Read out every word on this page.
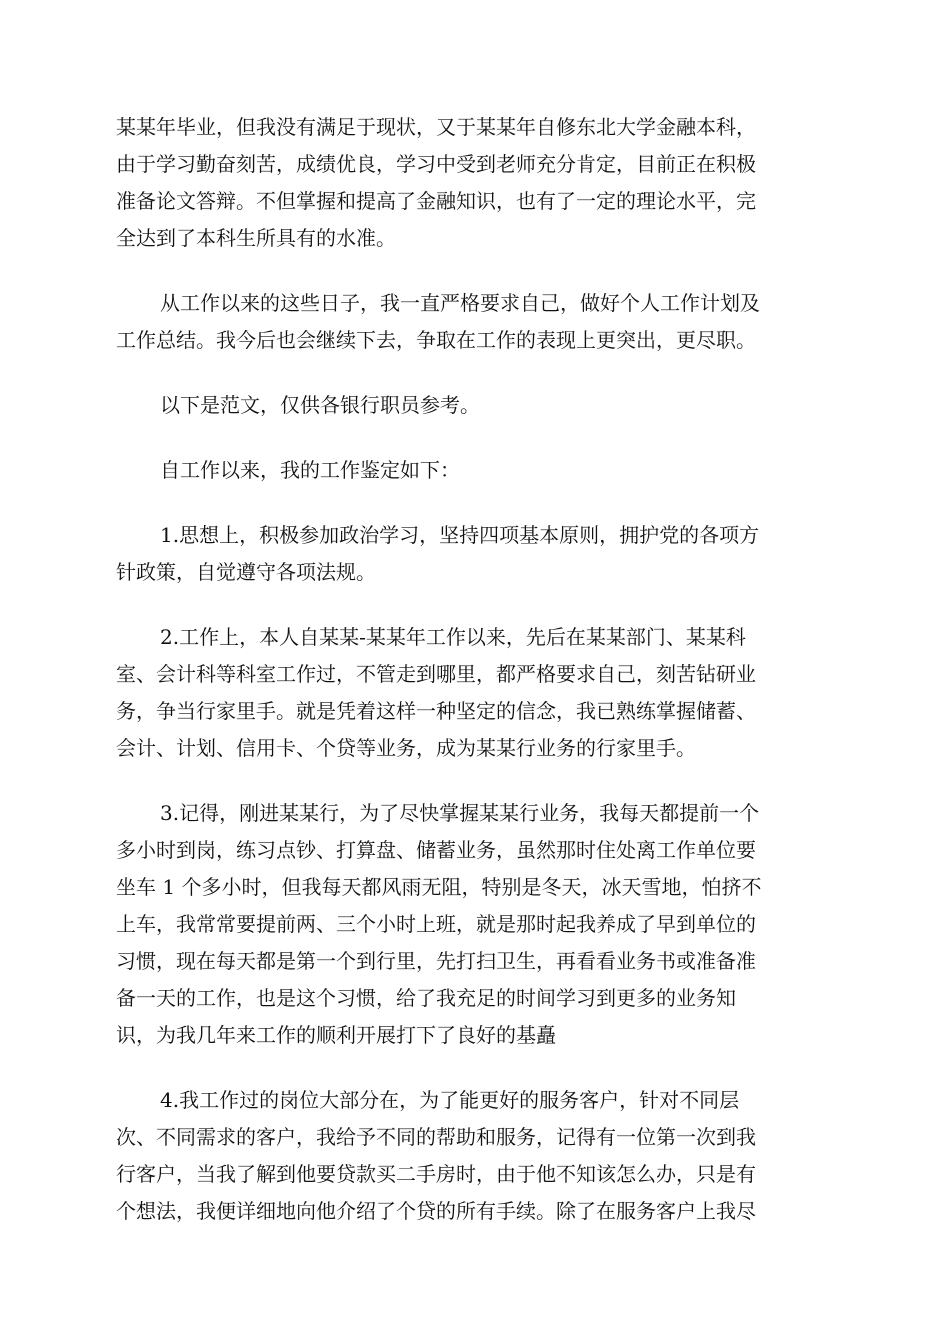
某某年毕业，但我没有满足于现状，又于某某年自修东北大学金融本科，
由于学习勤奋刻苦，成绩优良，学习中受到老师充分肯定，目前正在积极
准备论文答辩。不但掌握和提高了金融知识，也有了一定的理论水平，完
全达到了本科生所具有的水准。
从工作以来的这些日子，我一直严格要求自己，做好个人工作计划及
工作总结。我今后也会继续下去，争取在工作的表现上更突出，更尽职。
以下是范文，仅供各银行职员参考。
自工作以来，我的工作鉴定如下：
1.思想上，积极参加政治学习，坚持四项基本原则，拥护党的各项方
针政策，自觉遵守各项法规。
2.工作上，本人自某某-某某年工作以来，先后在某某部门、某某科
室、会计科等科室工作过，不管走到哪里，都严格要求自己，刻苦钻研业
务，争当行家里手。就是凭着这样一种坚定的信念，我已熟练掌握储蓄、
会计、计划、信用卡、个贷等业务，成为某某行业务的行家里手。
3.记得，刚进某某行，为了尽快掌握某某行业务，我每天都提前一个
多小时到岗，练习点钞、打算盘、储蓄业务，虽然那时住处离工作单位要
坐车 1 个多小时，但我每天都风雨无阻，特别是冬天，冰天雪地，怕挤不
上车，我常常要提前两、三个小时上班，就是那时起我养成了早到单位的
习惯，现在每天都是第一个到行里，先打扫卫生，再看看业务书或准备准
备一天的工作，也是这个习惯，给了我充足的时间学习到更多的业务知
识，为我几年来工作的顺利开展打下了良好的基矗
4.我工作过的岗位大部分在，为了能更好的服务客户，针对不同层
次、不同需求的客户，我给予不同的帮助和服务，记得有一位第一次到我
行客户，当我了解到他要贷款买二手房时，由于他不知该怎么办，只是有
个想法，我便详细地向他介绍了个贷的所有手续。除了在服务客户上我尽
